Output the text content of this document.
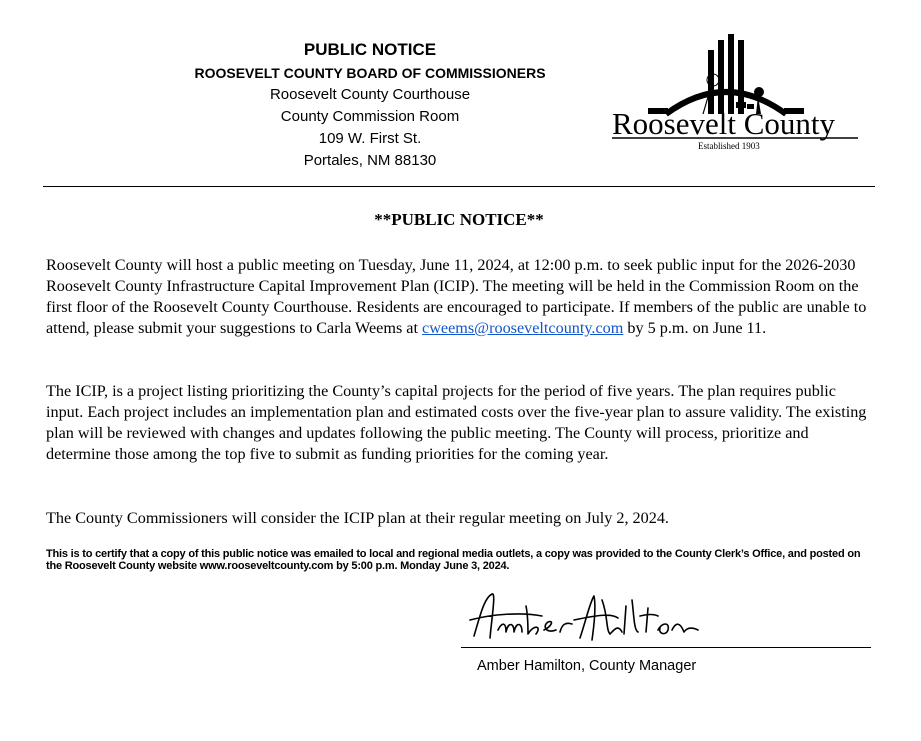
PUBLIC NOTICE
ROOSEVELT COUNTY BOARD OF COMMISSIONERS
Roosevelt County Courthouse
County Commission Room
109 W. First St.
Portales, NM 88130
Roosevelt County
Established 1903
**PUBLIC NOTICE**

Roosevelt County will host a public meeting on Tuesday, June 11, 2024, at 12:00 p.m. to seek public input for the 2026-2030 Roosevelt County Infrastructure Capital Improvement Plan (ICIP). The meeting will be held in the Commission Room on the first floor of the Roosevelt County Courthouse. Residents are encouraged to participate. If members of the public are unable to attend, please submit your suggestions to Carla Weems at cweems@rooseveltcounty.com by 5 p.m. on June 11.

The ICIP, is a project listing prioritizing the County’s capital projects for the period of five years. The plan requires public input. Each project includes an implementation plan and estimated costs over the five-year plan to assure validity. The existing plan will be reviewed with changes and updates following the public meeting. The County will process, prioritize and determine those among the top five to submit as funding priorities for the coming year.

The County Commissioners will consider the ICIP plan at their regular meeting on July 2, 2024.

This is to certify that a copy of this public notice was emailed to local and regional media outlets, a copy was provided to the County Clerk’s Office, and posted on the Roosevelt County website www.rooseveltcounty.com by 5:00 p.m. Monday June 3, 2024.
Amber Hamilton, County Manager
